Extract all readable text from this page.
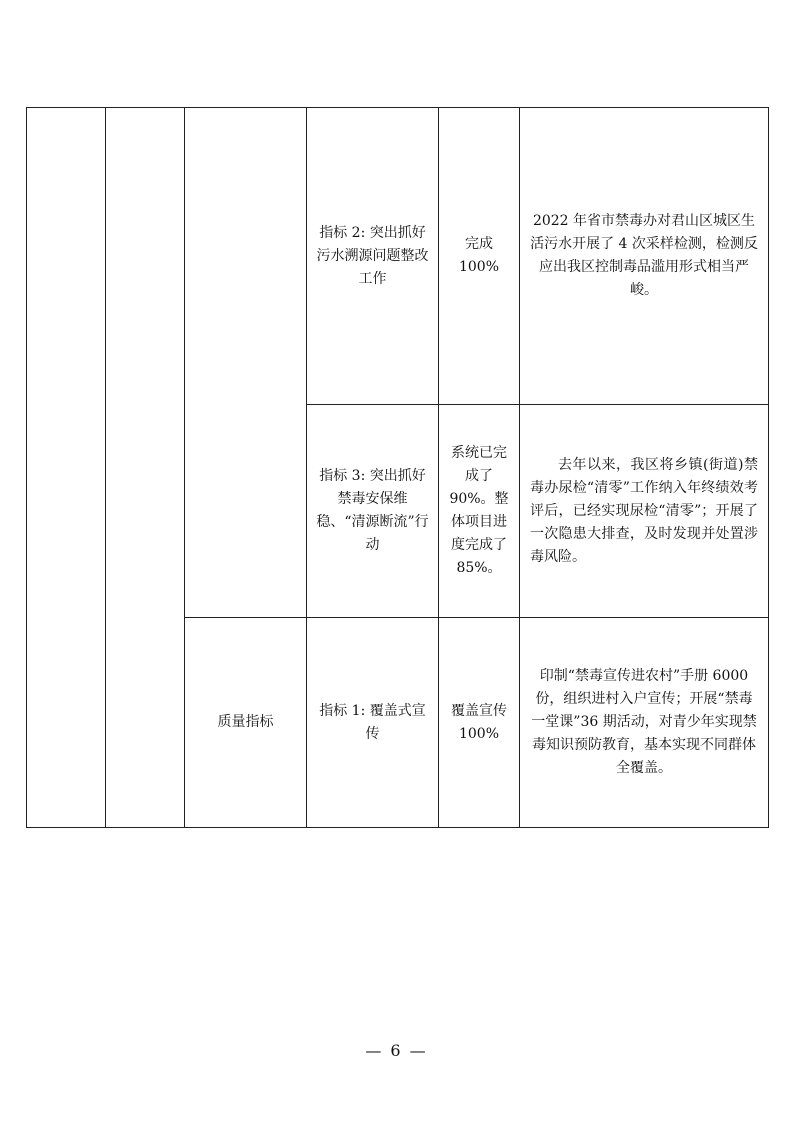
			指标 2: 突出抓好污水溯源问题整改工作	完成100%	2022 年省市禁毒办对君山区城区生活污水开展了 4 次采样检测，检测反应出我区控制毒品滥用形式相当严峻。

			指标 3: 突出抓好禁毒安保维稳、“清源断流”行动	系统已完成了90%。整体项目进度完成了85%。	去年以来，我区将乡镇(街道)禁毒办尿检“清零”工作纳入年终绩效考评后，已经实现尿检“清零”；开展了一次隐患大排查，及时发现并处置涉毒风险。

		质量指标	指标 1: 覆盖式宣传	覆盖宣传100%	印制“禁毒宣传进农村”手册 6000份，组织进村入户宣传；开展“禁毒一堂课”36 期活动，对青少年实现禁毒知识预防教育，基本实现不同群体全覆盖。
— 6 —
